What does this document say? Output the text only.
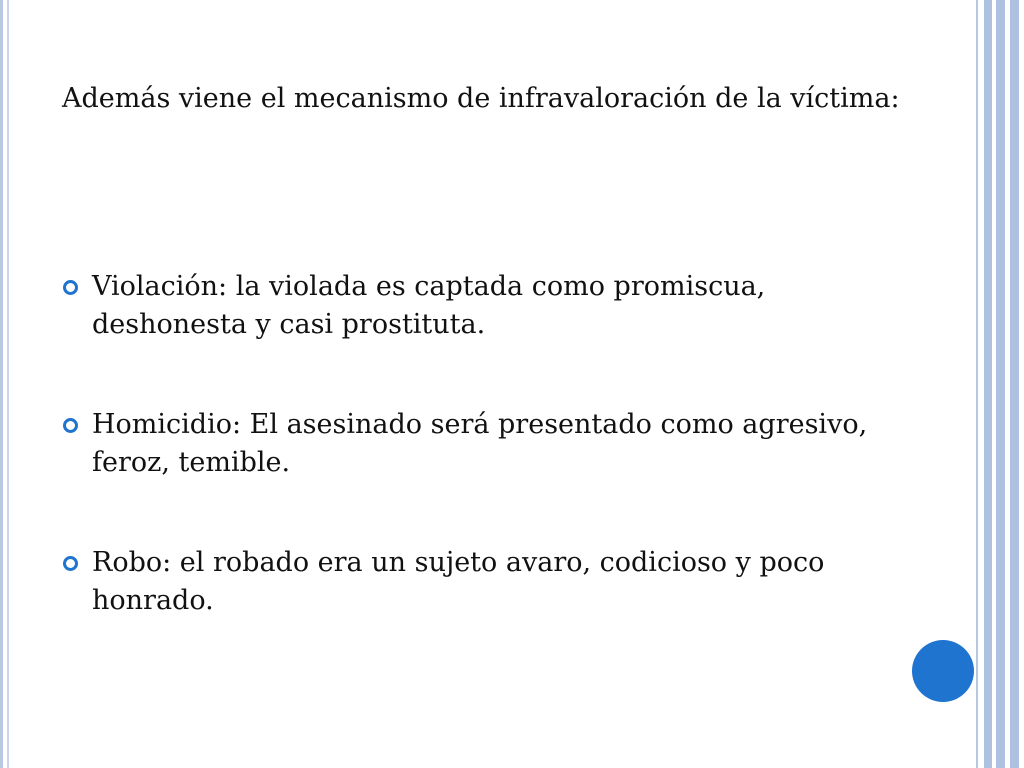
Además viene el mecanismo de infravaloración de la víctima:

Violación: la violada es captada como promiscua, deshonesta y casi prostituta.
Homicidio: El asesinado será presentado como agresivo, feroz, temible.
Robo: el robado era un sujeto avaro, codicioso y poco honrado.
